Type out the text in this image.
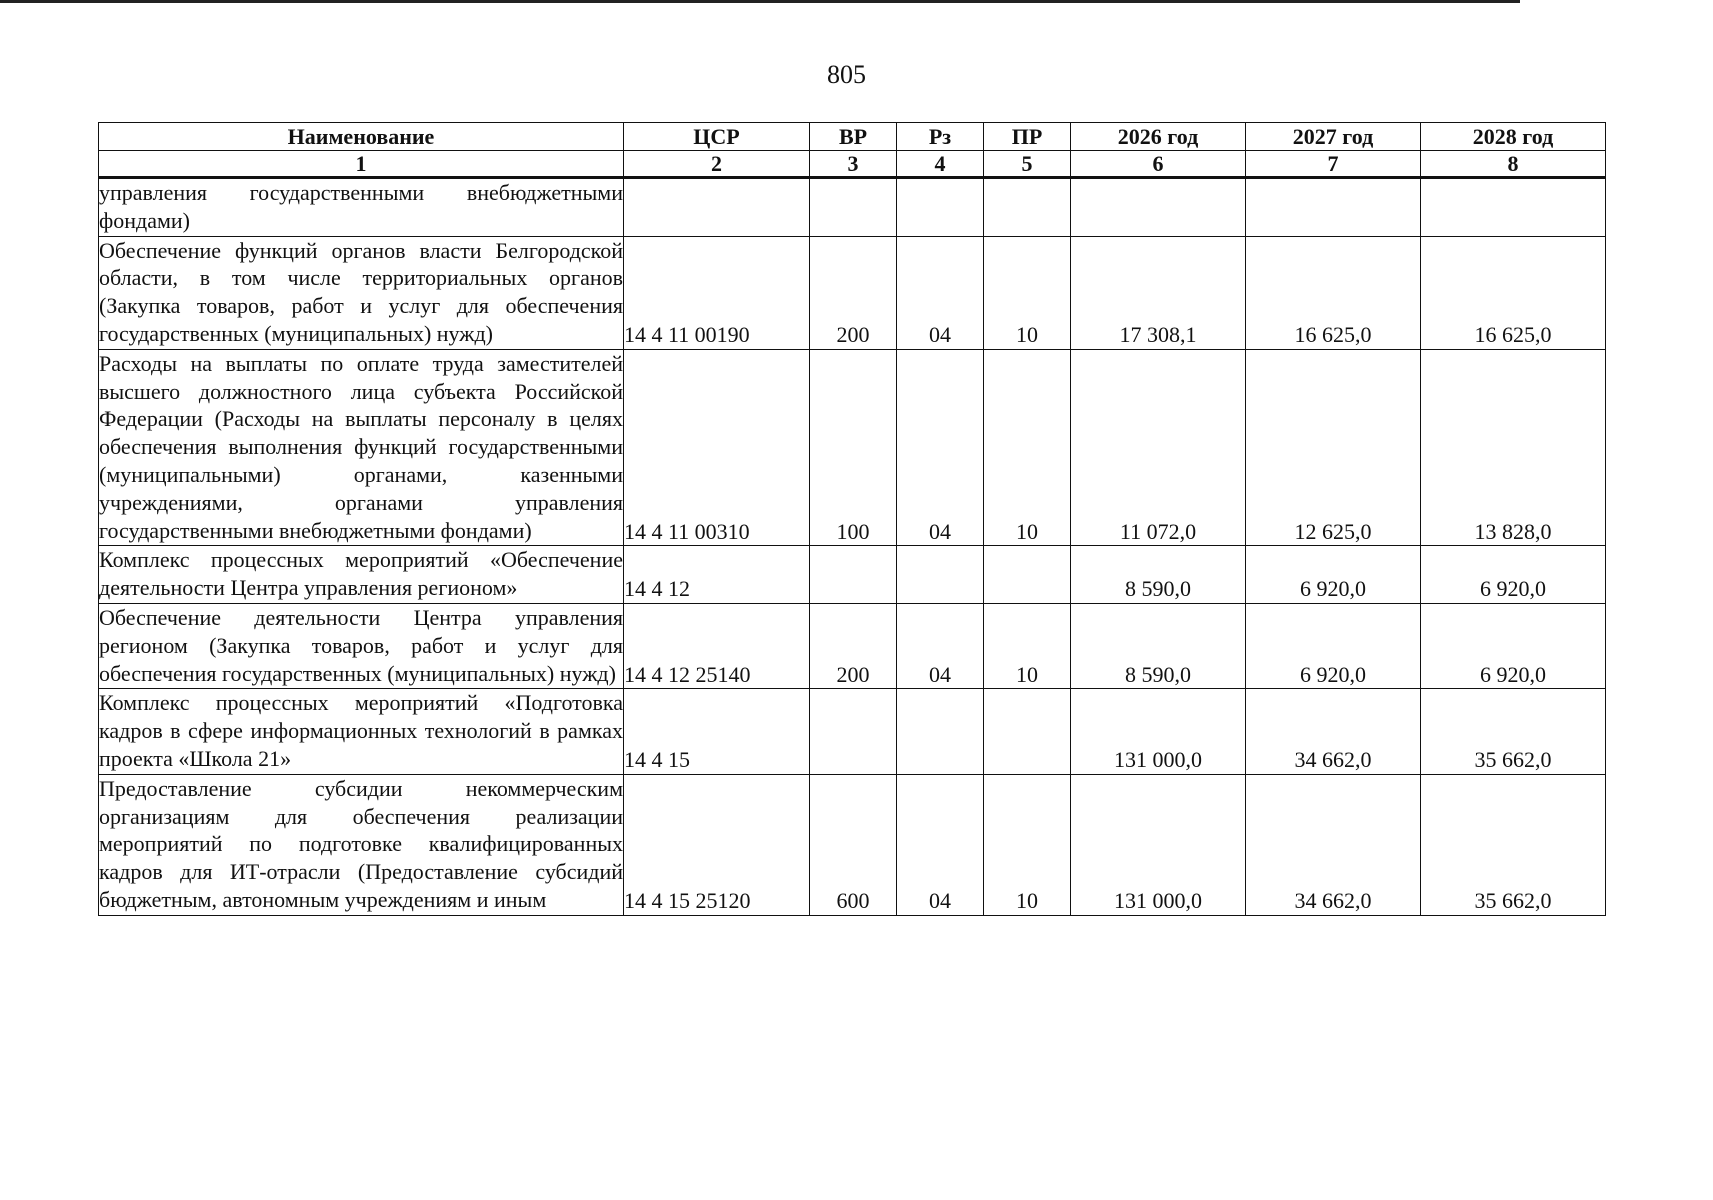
805
Наименование	ЦСР	ВР	Рз	ПР	2026 год	2027 год	2028 год
1	2	3	4	5	6	7	8

управления государственными внебюджетными фондами)							

Обеспечение функций органов власти Белгородской области, в том числе территориальных органов (Закупка товаров, работ и услуг для обеспечения государственных (муниципальных) нужд)	14 4 11 00190	200	04	10	17 308,1	16 625,0	16 625,0

Расходы на выплаты по оплате труда заместителей высшего должностного лица субъекта Российской Федерации (Расходы на выплаты персоналу в целях обеспечения выполнения функций государственными (муниципальными) органами, казенными учреждениями, органами управления государственными внебюджетными фондами)	14 4 11 00310	100	04	10	11 072,0	12 625,0	13 828,0

Комплекс процессных мероприятий «Обеспечение деятельности Центра управления регионом»	14 4 12				8 590,0	6 920,0	6 920,0

Обеспечение деятельности Центра управления регионом (Закупка товаров, работ и услуг для обеспечения государственных (муниципальных) нужд)	14 4 12 25140	200	04	10	8 590,0	6 920,0	6 920,0

Комплекс процессных мероприятий «Подготовка кадров в сфере информационных технологий в рамках проекта «Школа 21»	14 4 15				131 000,0	34 662,0	35 662,0

Предоставление субсидии некоммерческим организациям для обеспечения реализации мероприятий по подготовке квалифицированных кадров для ИТ-отрасли (Предоставление субсидий бюджетным, автономным учреждениям и иным	14 4 15 25120	600	04	10	131 000,0	34 662,0	35 662,0
